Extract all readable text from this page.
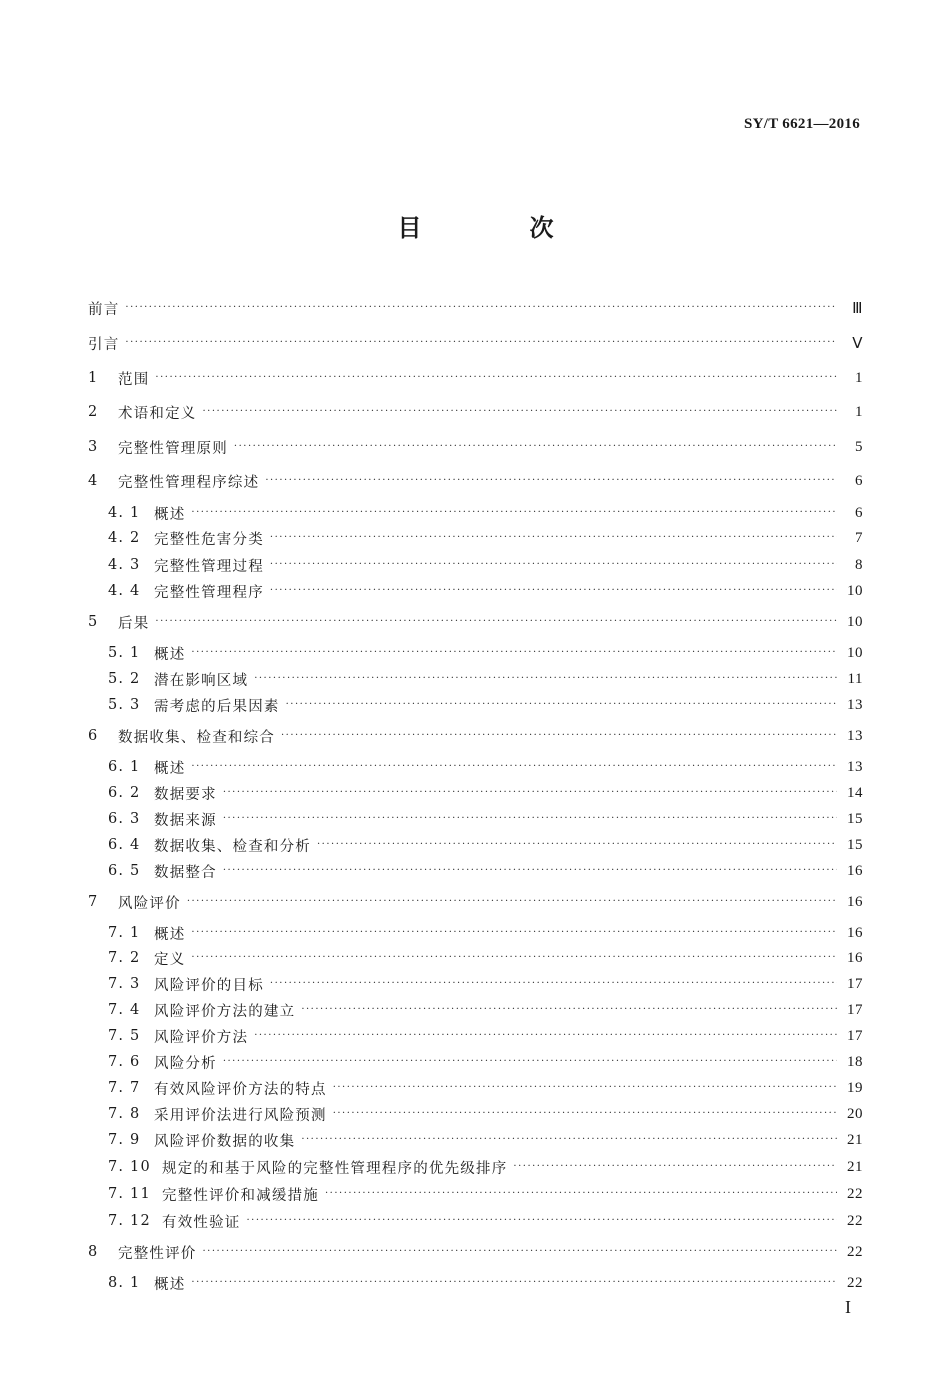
SY/T 6621—2016
目　次
前言 ·····	Ⅲ
引言 ·····	Ⅴ
1	范围 ·····	1
2	术语和定义 ·····	1
3	完整性管理原则 ·····	5
4	完整性管理程序综述 ·····	6
4. 1 概述 ·····	6
4. 2 完整性危害分类 ·····	7
4. 3 完整性管理过程 ·····	8
4. 4 完整性管理程序 ·····	10
5	后果 ·····	10
5. 1 概述 ·····	10
5. 2 潜在影响区域 ·····	11
5. 3 需考虑的后果因素 ·····	13
6	数据收集、检查和综合 ·····	13
6. 1 概述 ·····	13
6. 2 数据要求 ·····	14
6. 3 数据来源 ·····	15
6. 4 数据收集、检查和分析 ·····	15
6. 5 数据整合 ·····	16
7	风险评价 ·····	16
7. 1 概述 ·····	16
7. 2 定义 ·····	16
7. 3 风险评价的目标 ·····	17
7. 4 风险评价方法的建立 ·····	17
7. 5 风险评价方法 ·····	17
7. 6 风险分析 ·····	18
7. 7 有效风险评价方法的特点 ·····	19
7. 8 采用评价法进行风险预测 ·····	20
7. 9 风险评价数据的收集 ·····	21
7. 10 规定的和基于风险的完整性管理程序的优先级排序 ·····	21
7. 11 完整性评价和减缓措施 ·····	22
7. 12 有效性验证 ·····	22
8	完整性评价 ·····	22
8. 1 概述 ·····	22
I
